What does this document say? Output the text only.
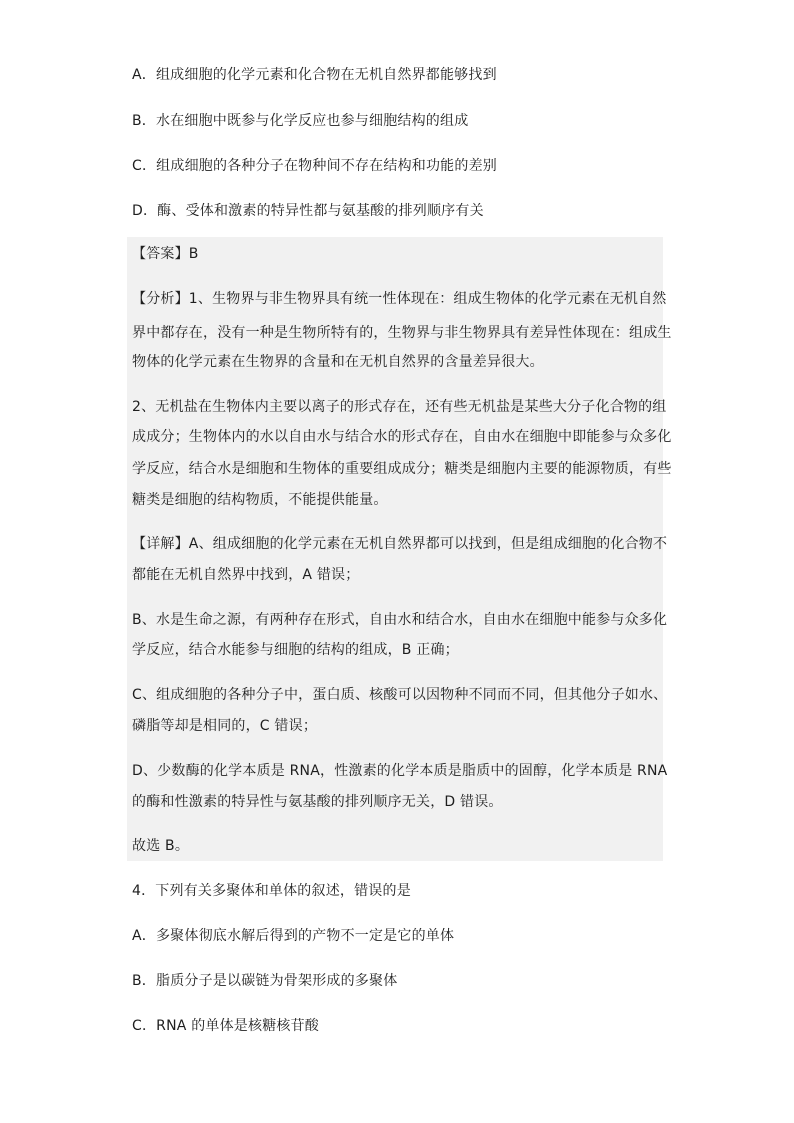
A．组成细胞的化学元素和化合物在无机自然界都能够找到
B．水在细胞中既参与化学反应也参与细胞结构的组成
C．组成细胞的各种分子在物种间不存在结构和功能的差别
D．酶、受体和激素的特异性都与氨基酸的排列顺序有关
【答案】B
【分析】1、生物界与非生物界具有统一性体现在：组成生物体的化学元素在无机自然
界中都存在，没有一种是生物所特有的，生物界与非生物界具有差异性体现在：组成生
物体的化学元素在生物界的含量和在无机自然界的含量差异很大。
2、无机盐在生物体内主要以离子的形式存在，还有些无机盐是某些大分子化合物的组
成成分；生物体内的水以自由水与结合水的形式存在，自由水在细胞中即能参与众多化
学反应，结合水是细胞和生物体的重要组成成分；糖类是细胞内主要的能源物质，有些
糖类是细胞的结构物质，不能提供能量。
【详解】A、组成细胞的化学元素在无机自然界都可以找到，但是组成细胞的化合物不
都能在无机自然界中找到，A 错误；
B、水是生命之源，有两种存在形式，自由水和结合水，自由水在细胞中能参与众多化
学反应，结合水能参与细胞的结构的组成，B 正确；
C、组成细胞的各种分子中，蛋白质、核酸可以因物种不同而不同，但其他分子如水、
磷脂等却是相同的，C 错误；
D、少数酶的化学本质是 RNA，性激素的化学本质是脂质中的固醇，化学本质是 RNA
的酶和性激素的特异性与氨基酸的排列顺序无关，D 错误。
故选 B。
4．下列有关多聚体和单体的叙述，错误的是
A．多聚体彻底水解后得到的产物不一定是它的单体
B．脂质分子是以碳链为骨架形成的多聚体
C．RNA 的单体是核糖核苷酸
